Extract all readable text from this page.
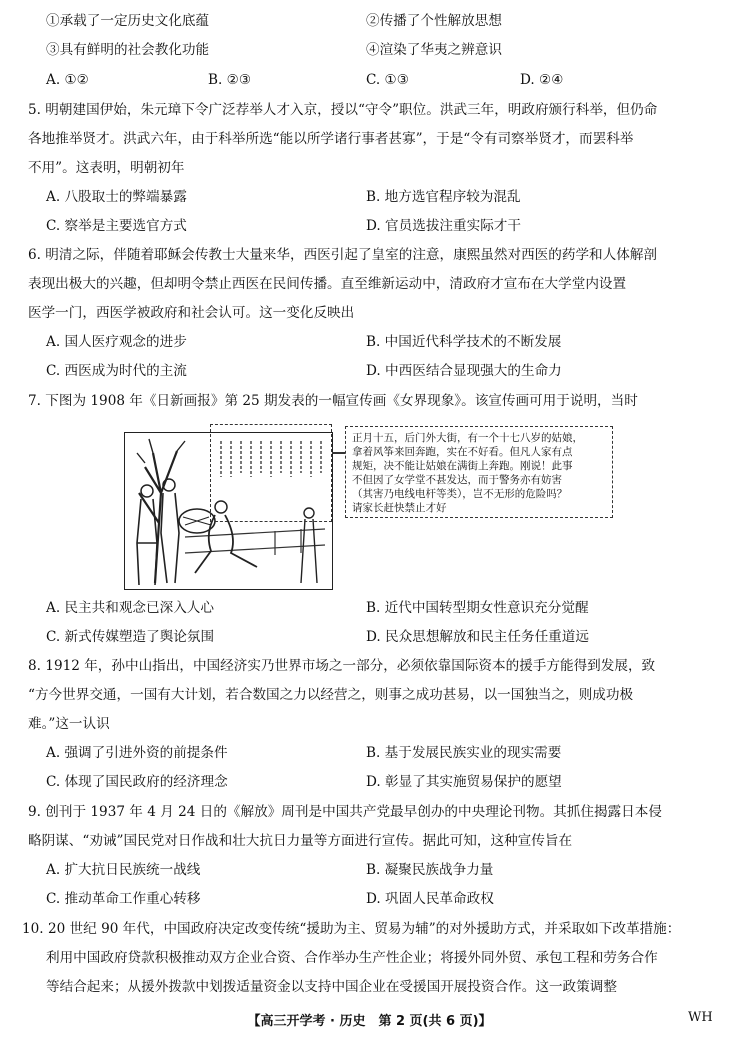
①承载了一定历史文化底蕴	②传播了个性解放思想
③具有鲜明的社会教化功能	④渲染了华夷之辨意识
A. ①②	B. ②③	C. ①③	D. ②④
5. 明朝建国伊始，朱元璋下令广泛荐举人才入京，授以“守令”职位。洪武三年，明政府颁行科举，但仍命
各地推举贤才。洪武六年，由于科举所选“能以所学诸行事者甚寡”，于是“令有司察举贤才，而罢科举
不用”。这表明，明朝初年
A. 八股取士的弊端暴露	B. 地方选官程序较为混乱
C. 察举是主要选官方式	D. 官员选拔注重实际才干
6. 明清之际，伴随着耶稣会传教士大量来华，西医引起了皇室的注意，康熙虽然对西医的药学和人体解剖
表现出极大的兴趣，但却明令禁止西医在民间传播。直至维新运动中，清政府才宣布在大学堂内设置
医学一门，西医学被政府和社会认可。这一变化反映出
A. 国人医疗观念的进步	B. 中国近代科学技术的不断发展
C. 西医成为时代的主流	D. 中西医结合显现强大的生命力
7. 下图为 1908 年《日新画报》第 25 期发表的一幅宣传画《女界现象》。该宣传画可用于说明，当时
正月十五，后门外大街，有一个十七八岁的姑娘，
拿着风筝来回奔跑，实在不好看。但凡人家有点
规矩，决不能让姑娘在满街上奔跑。刚说！此事
不但因了女学堂不甚发达，而于警务亦有妨害
（其害乃电线电杆等类），岂不无形的危险吗？
请家长赶快禁止才好
A. 民主共和观念已深入人心	B. 近代中国转型期女性意识充分觉醒
C. 新式传媒塑造了舆论氛围	D. 民众思想解放和民主任务任重道远
8. 1912 年，孙中山指出，中国经济实乃世界市场之一部分，必须依靠国际资本的援手方能得到发展，致
“方今世界交通，一国有大计划，若合数国之力以经营之，则事之成功甚易，以一国独当之，则成功极
难。”这一认识
A. 强调了引进外资的前提条件	B. 基于发展民族实业的现实需要
C. 体现了国民政府的经济理念	D. 彰显了其实施贸易保护的愿望
9. 创刊于 1937 年 4 月 24 日的《解放》周刊是中国共产党最早创办的中央理论刊物。其抓住揭露日本侵
略阴谋、“劝诫”国民党对日作战和壮大抗日力量等方面进行宣传。据此可知，这种宣传旨在
A. 扩大抗日民族统一战线	B. 凝聚民族战争力量
C. 推动革命工作重心转移	D. 巩固人民革命政权
10. 20 世纪 90 年代，中国政府决定改变传统“援助为主、贸易为辅”的对外援助方式，并采取如下改革措施：
利用中国政府贷款积极推动双方企业合资、合作举办生产性企业；将援外同外贸、承包工程和劳务合作
等结合起来；从援外拨款中划拨适量资金以支持中国企业在受援国开展投资合作。这一政策调整
【高三开学考 · 历史　第 2 页(共 6 页)】	WH
